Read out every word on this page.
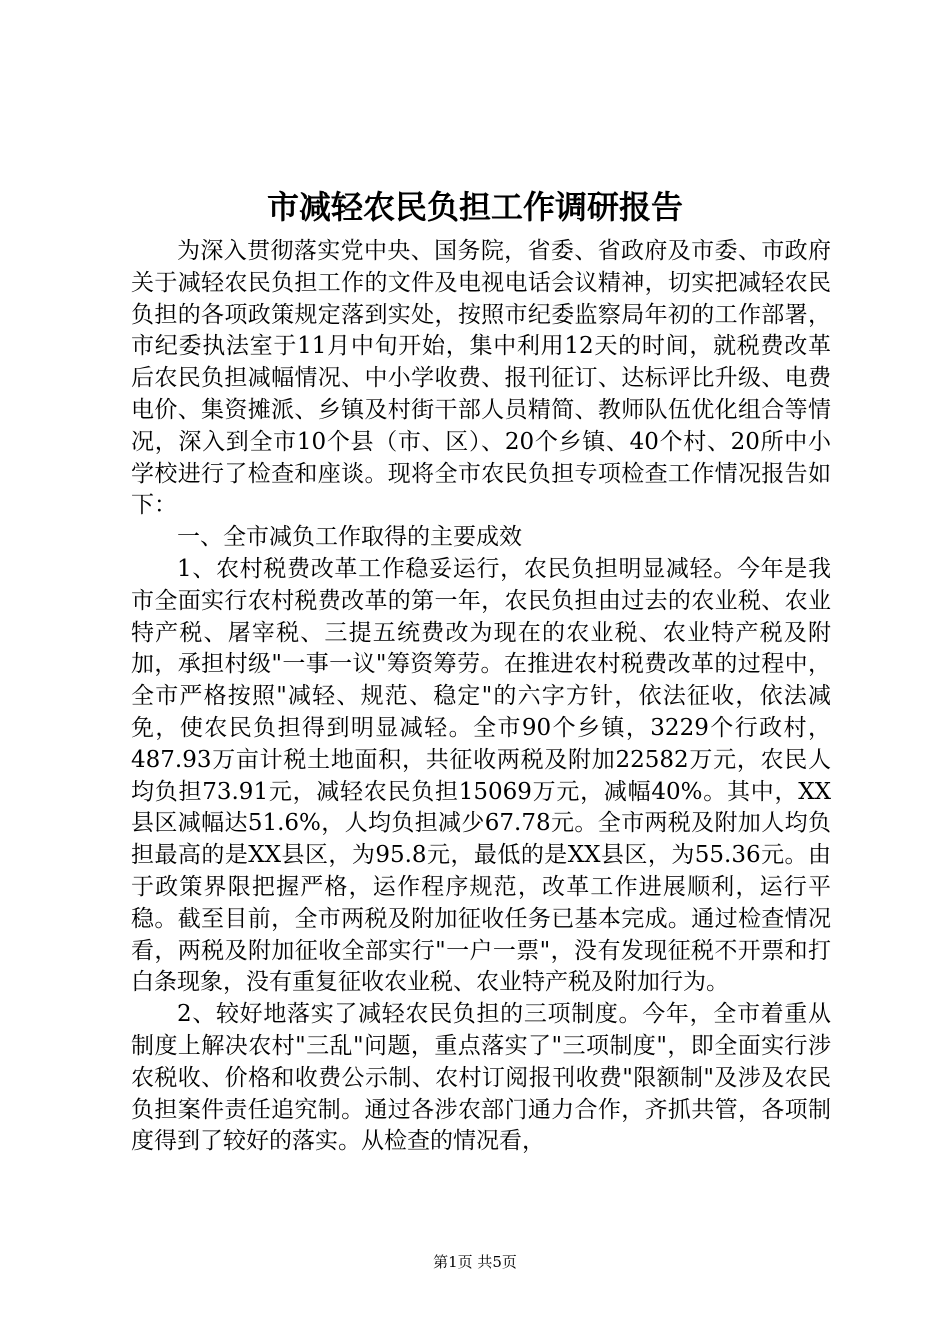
市减轻农民负担工作调研报告

为深入贯彻落实党中央、国务院，省委、省政府及市委、市政府关于减轻农民负担工作的文件及电视电话会议精神，切实把减轻农民负担的各项政策规定落到实处，按照市纪委监察局年初的工作部署，市纪委执法室于11月中旬开始，集中利用12天的时间，就税费改革后农民负担减幅情况、中小学收费、报刊征订、达标评比升级、电费电价、集资摊派、乡镇及村街干部人员精简、教师队伍优化组合等情况，深入到全市10个县（市、区）、20个乡镇、40个村、20所中小学校进行了检查和座谈。现将全市农民负担专项检查工作情况报告如下：

一、全市减负工作取得的主要成效

1、农村税费改革工作稳妥运行，农民负担明显减轻。今年是我市全面实行农村税费改革的第一年，农民负担由过去的农业税、农业特产税、屠宰税、三提五统费改为现在的农业税、农业特产税及附加，承担村级"一事一议"筹资筹劳。在推进农村税费改革的过程中，全市严格按照"减轻、规范、稳定"的六字方针，依法征收，依法减免，使农民负担得到明显减轻。全市90个乡镇，3229个行政村，487.93万亩计税土地面积，共征收两税及附加22582万元，农民人均负担73.91元，减轻农民负担15069万元，减幅40%。其中，XX县区减幅达51.6%，人均负担减少67.78元。全市两税及附加人均负担最高的是XX县区，为95.8元，最低的是XX县区，为55.36元。由于政策界限把握严格，运作程序规范，改革工作进展顺利，运行平稳。截至目前，全市两税及附加征收任务已基本完成。通过检查情况看，两税及附加征收全部实行"一户一票"，没有发现征税不开票和打白条现象，没有重复征收农业税、农业特产税及附加行为。

2、较好地落实了减轻农民负担的三项制度。今年，全市着重从制度上解决农村"三乱"问题，重点落实了"三项制度"，即全面实行涉农税收、价格和收费公示制、农村订阅报刊收费"限额制"及涉及农民负担案件责任追究制。通过各涉农部门通力合作，齐抓共管，各项制度得到了较好的落实。从检查的情况看，

第1页 共5页
